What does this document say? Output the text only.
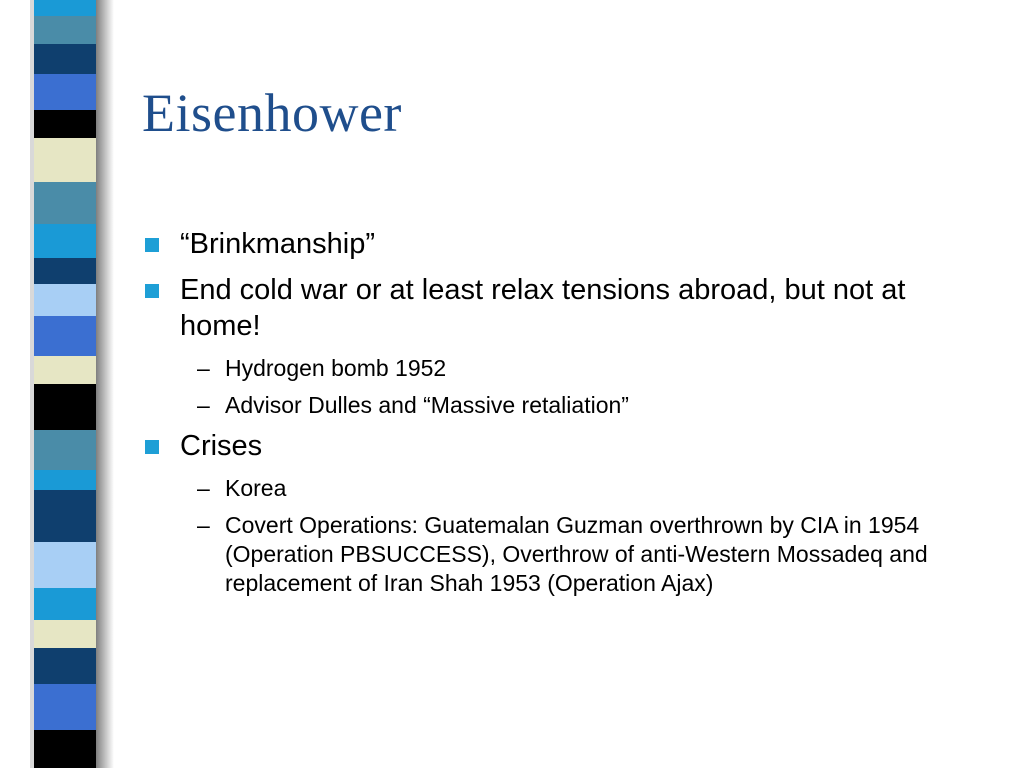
Eisenhower
“Brinkmanship”
End cold war or at least relax tensions abroad, but not at home!
– Hydrogen bomb 1952
– Advisor Dulles and “Massive retaliation”
Crises
– Korea
– Covert Operations: Guatemalan Guzman overthrown by CIA in 1954 (Operation PBSUCCESS), Overthrow of anti-Western Mossadeq and replacement of Iran Shah 1953 (Operation Ajax)
